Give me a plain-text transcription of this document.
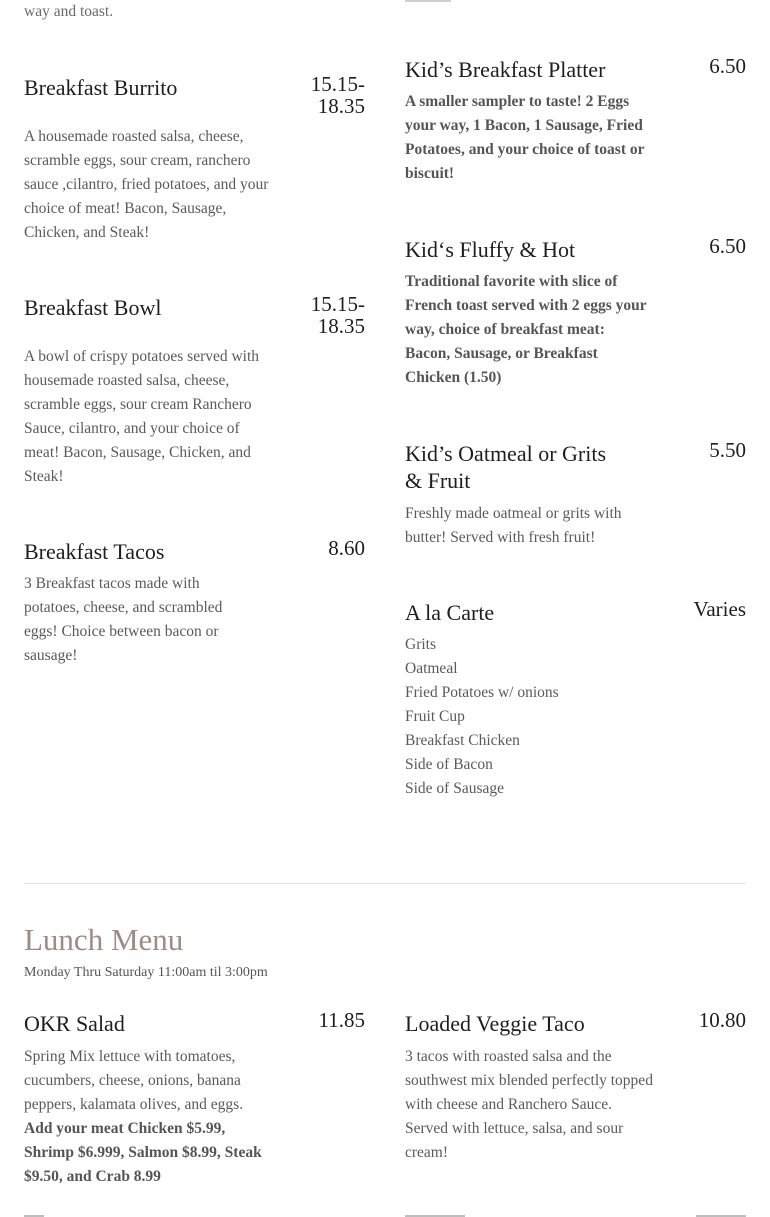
way and toast.
Breakfast Burrito	15.15-
18.35
A housemade roasted salsa, cheese, scramble eggs, sour cream, ranchero sauce ,cilantro, fried potatoes, and your choice of meat! Bacon, Sausage, Chicken, and Steak!
Breakfast Bowl	15.15-
18.35
A bowl of crispy potatoes served with housemade roasted salsa, cheese, scramble eggs, sour cream Ranchero Sauce, cilantro, and your choice of meat! Bacon, Sausage, Chicken, and Steak!
Breakfast Tacos	8.60
3 Breakfast tacos made with potatoes, cheese, and scrambled eggs! Choice between bacon or sausage!
Kid’s Breakfast Platter	6.50
A smaller sampler to taste! 2 Eggs your way, 1 Bacon, 1 Sausage, Fried Potatoes, and your choice of toast or biscuit!
Kid‘s Fluffy & Hot	6.50
Traditional favorite with slice of French toast served with 2 eggs your way, choice of breakfast meat: Bacon, Sausage, or Breakfast Chicken (1.50)
Kid’s Oatmeal or Grits
& Fruit
5.50
Freshly made oatmeal or grits with butter! Served with fresh fruit!
A la Carte	Varies
Grits
Oatmeal
Fried Potatoes w/ onions
Fruit Cup
Breakfast Chicken
Side of Bacon
Side of Sausage
Lunch Menu
Monday Thru Saturday 11:00am til 3:00pm
OKR Salad	11.85
Spring Mix lettuce with tomatoes, cucumbers, cheese, onions, banana peppers, kalamata olives, and eggs. Add your meat Chicken $5.99, Shrimp $6.999, Salmon $8.99, Steak $9.50, and Crab 8.99
Loaded Veggie Taco	10.80
3 tacos with roasted salsa and the southwest mix blended perfectly topped with cheese and Ranchero Sauce. Served with lettuce, salsa, and sour cream!
